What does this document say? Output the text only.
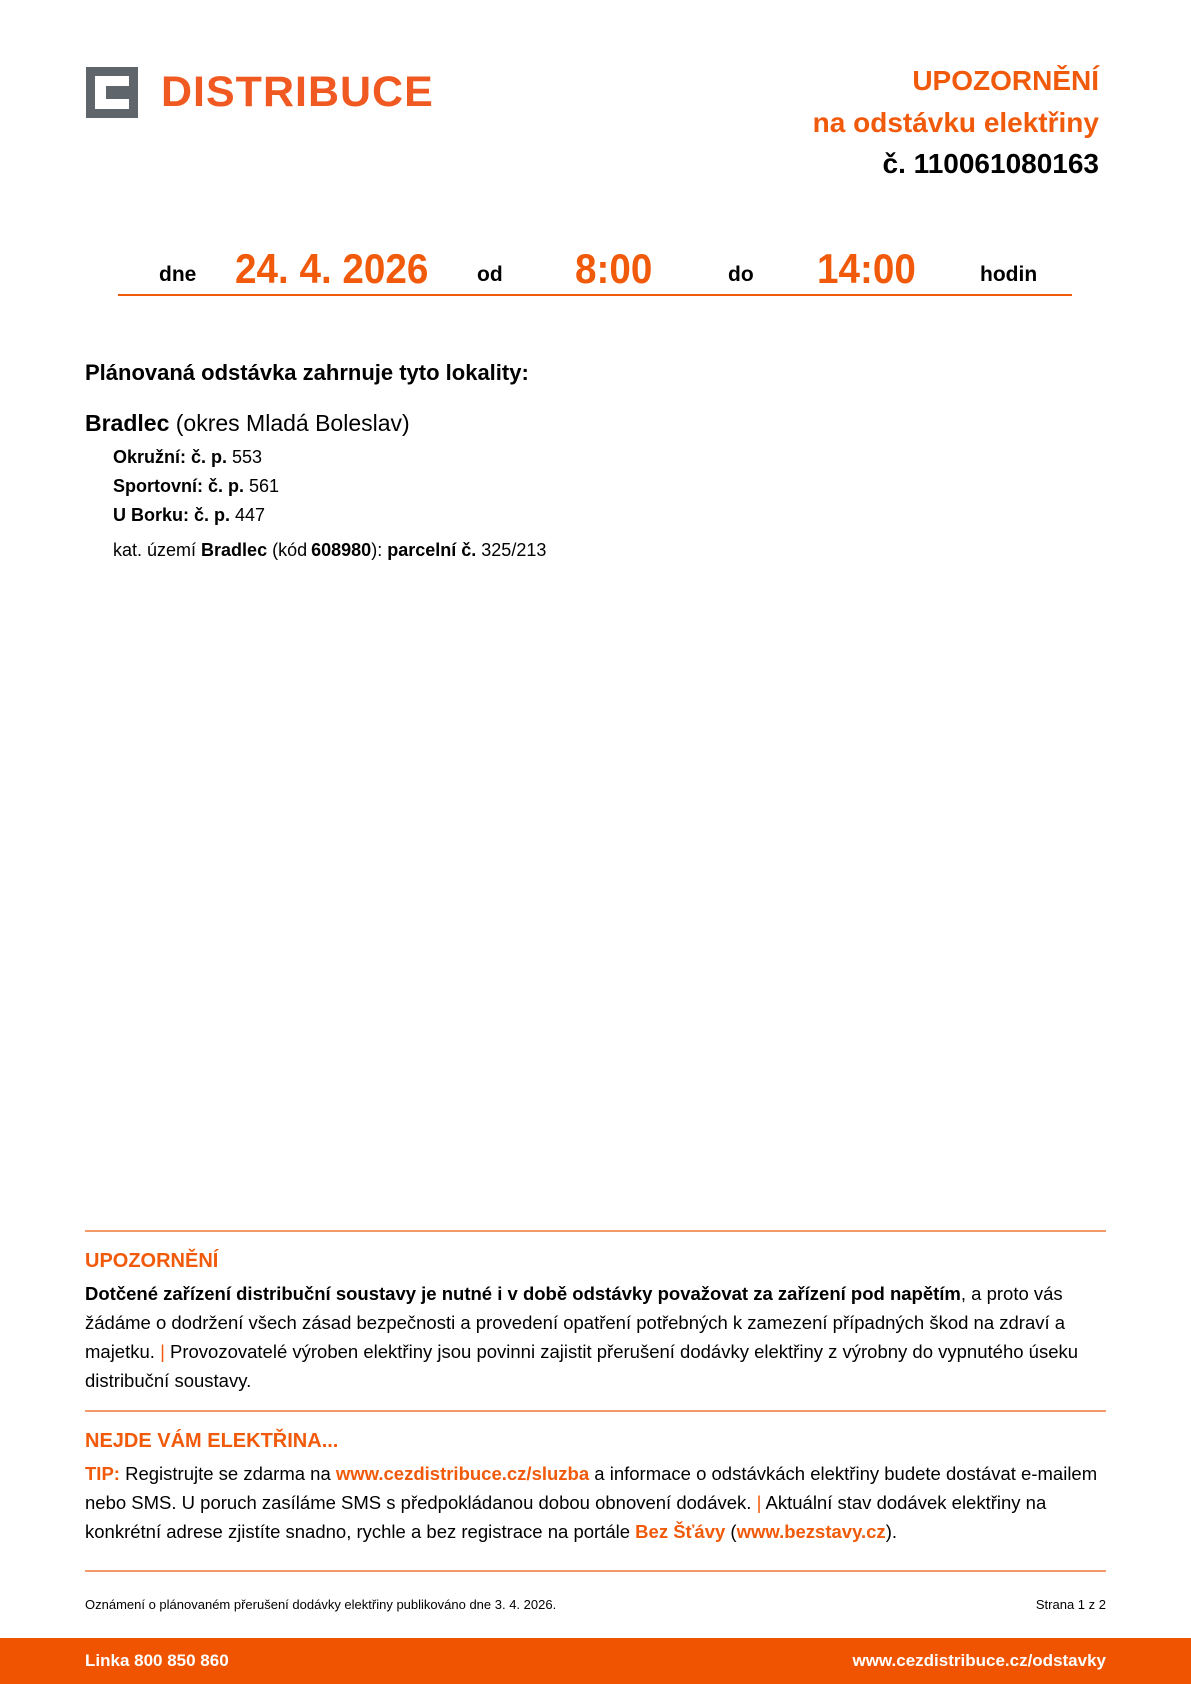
DISTRIBUCE	UPOZORNĚNÍ
na odstávku elektřiny
č. 110061080163
dne 24. 4. 2026 od 8:00	do 14:00	hodin
Plánovaná odstávka zahrnuje tyto lokality:
Bradlec (okres Mladá Boleslav)
Okružní: č. p. 553
Sportovní: č. p. 561
U Borku: č. p. 447
kat. území Bradlec (kód 608980): parcelní č. 325/213
UPOZORNĚNÍ
Dotčené zařízení distribuční soustavy je nutné i v době odstávky považovat za zařízení pod napětím, a proto vás žádáme o dodržení všech zásad bezpečnosti a provedení opatření potřebných k zamezení případných škod na zdraví a majetku. | Provozovatelé výroben elektřiny jsou povinni zajistit přerušení dodávky elektřiny z výrobny do vypnutého úseku distribuční soustavy.
NEJDE VÁM ELEKTŘINA...
TIP: Registrujte se zdarma na www.cezdistribuce.cz/sluzba a informace o odstávkách elektřiny budete dostávat e-mailem nebo SMS. U poruch zasíláme SMS s předpokládanou dobou obnovení dodávek. | Aktuální stav dodávek elektřiny na konkrétní adrese zjistíte snadno, rychle a bez registrace na portále Bez Šťávy (www.bezstavy.cz).
Oznámení o plánovaném přerušení dodávky elektřiny publikováno dne 3. 4. 2026.	Strana 1 z 2
Linka 800 850 860	www.cezdistribuce.cz/odstavky
